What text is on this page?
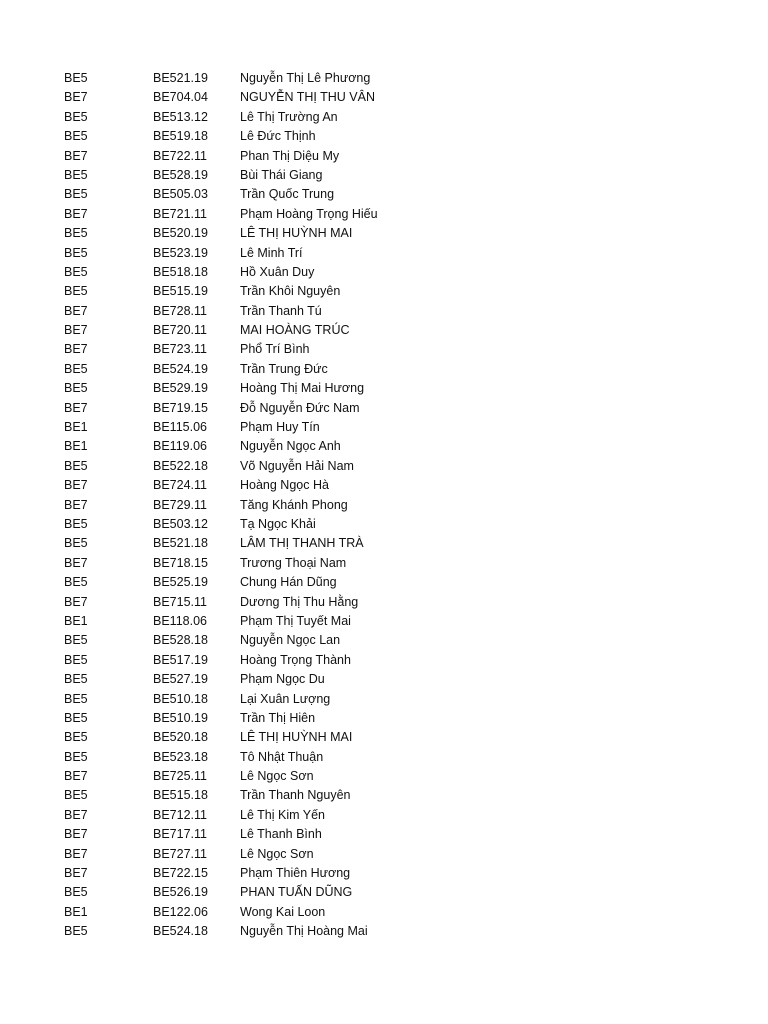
BE5	BE521.19	Nguyễn Thị Lê Phương
BE7	BE704.04	NGUYỄN THỊ THU VÂN
BE5	BE513.12	Lê Thị Trường An
BE5	BE519.18	Lê Đức Thịnh
BE7	BE722.11	Phan Thị Diệu My
BE5	BE528.19	Bùi Thái Giang
BE5	BE505.03	Trần Quốc Trung
BE7	BE721.11	Phạm Hoàng Trọng Hiếu
BE5	BE520.19	LÊ THỊ HUỲNH MAI
BE5	BE523.19	Lê Minh Trí
BE5	BE518.18	Hồ Xuân Duy
BE5	BE515.19	Trần Khôi Nguyên
BE7	BE728.11	Trần Thanh Tú
BE7	BE720.11	MAI HOÀNG TRÚC
BE7	BE723.11	Phổ Trí Bình
BE5	BE524.19	Trần Trung Đức
BE5	BE529.19	Hoàng Thị Mai Hương
BE7	BE719.15	Đỗ Nguyễn Đức Nam
BE1	BE115.06	Phạm Huy Tín
BE1	BE119.06	Nguyễn Ngọc Anh
BE5	BE522.18	Võ Nguyễn Hải Nam
BE7	BE724.11	Hoàng Ngọc Hà
BE7	BE729.11	Tăng Khánh Phong
BE5	BE503.12	Tạ Ngọc Khải
BE5	BE521.18	LÂM THỊ THANH TRÀ
BE7	BE718.15	Trương Thoại Nam
BE5	BE525.19	Chung Hán Dũng
BE7	BE715.11	Dương Thị Thu Hằng
BE1	BE118.06	Phạm Thị Tuyết Mai
BE5	BE528.18	Nguyễn Ngọc Lan
BE5	BE517.19	Hoàng Trọng Thành
BE5	BE527.19	Phạm Ngọc Du
BE5	BE510.18	Lại Xuân Lượng
BE5	BE510.19	Trần Thị Hiên
BE5	BE520.18	LÊ THỊ HUỲNH MAI
BE5	BE523.18	Tô Nhật Thuận
BE7	BE725.11	Lê Ngọc Sơn
BE5	BE515.18	Trần Thanh Nguyên
BE7	BE712.11	Lê Thị Kim Yến
BE7	BE717.11	Lê Thanh Bình
BE7	BE727.11	Lê Ngọc Sơn
BE7	BE722.15	Phạm Thiên Hương
BE5	BE526.19	PHAN TUẤN DŨNG
BE1	BE122.06	Wong Kai Loon
BE5	BE524.18	Nguyễn Thị Hoàng Mai
